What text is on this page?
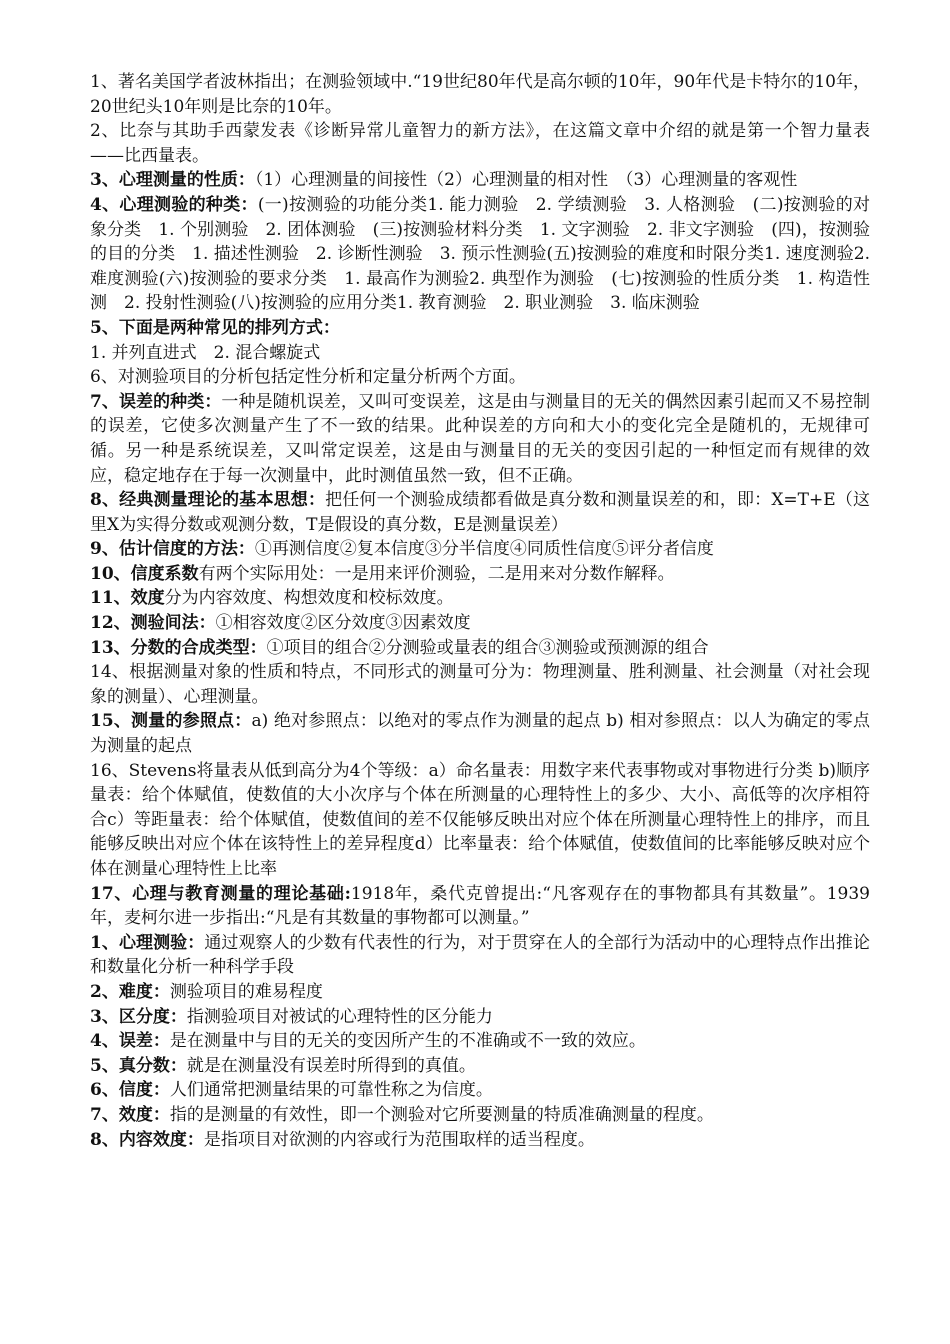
1、著名美国学者波林指出；在测验领域中.“19世纪80年代是高尔顿的10年，90年代是卡特尔的10年，20世纪头10年则是比奈的10年。

2、比奈与其助手西蒙发表《诊断异常儿童智力的新方法》，在这篇文章中介绍的就是第一个智力量表——比西量表。

3、心理测量的性质：（1）心理测量的间接性（2）心理测量的相对性　（3）心理测量的客观性

4、心理测验的种类：(一)按测验的功能分类1. 能力测验　2. 学绩测验　3. 人格测验　(二)按测验的对象分类　1. 个别测验　2. 团体测验　(三)按测验材料分类　1. 文字测验　2. 非文字测验　(四)，按测验的目的分类　1. 描述性测验　2. 诊断性测验　3. 预示性测验(五)按测验的难度和时限分类1. 速度测验2. 难度测验(六)按测验的要求分类　1. 最高作为测验2. 典型作为测验　(七)按测验的性质分类　1. 构造性测　2. 投射性测验(八)按测验的应用分类1. 教育测验　2. 职业测验　3. 临床测验

5、下面是两种常见的排列方式：

1. 并列直进式　2. 混合螺旋式

6、对测验项目的分析包括定性分析和定量分析两个方面。

7、误差的种类：一种是随机误差，又叫可变误差，这是由与测量目的无关的偶然因素引起而又不易控制的误差，它使多次测量产生了不一致的结果。此种误差的方向和大小的变化完全是随机的，无规律可循。另一种是系统误差，又叫常定误差，这是由与测量目的无关的变因引起的一种恒定而有规律的效应，稳定地存在于每一次测量中，此时测值虽然一致，但不正确。

8、经典测量理论的基本思想：把任何一个测验成绩都看做是真分数和测量误差的和，即：X=T+E（这里X为实得分数或观测分数，T是假设的真分数，E是测量误差）

9、估计信度的方法：①再测信度②复本信度③分半信度④同质性信度⑤评分者信度

10、信度系数有两个实际用处：一是用来评价测验，二是用来对分数作解释。

11、效度分为内容效度、构想效度和校标效度。

12、测验间法：①相容效度②区分效度③因素效度

13、分数的合成类型：①项目的组合②分测验或量表的组合③测验或预测源的组合

14、根据测量对象的性质和特点，不同形式的测量可分为：物理测量、胜利测量、社会测量（对社会现象的测量）、心理测量。

15、测量的参照点：a) 绝对参照点：以绝对的零点作为测量的起点 b) 相对参照点：以人为确定的零点为测量的起点

16、Stevens将量表从低到高分为4个等级：a）命名量表：用数字来代表事物或对事物进行分类 b)顺序量表：给个体赋值，使数值的大小次序与个体在所测量的心理特性上的多少、大小、高低等的次序相符合c）等距量表：给个体赋值，使数值间的差不仅能够反映出对应个体在所测量心理特性上的排序，而且能够反映出对应个体在该特性上的差异程度d）比率量表：给个体赋值，使数值间的比率能够反映对应个体在测量心理特性上比率

17、心理与教育测量的理论基础:1918年，桑代克曾提出:“凡客观存在的事物都具有其数量”。1939年，麦柯尔进一步指出:“凡是有其数量的事物都可以测量。”

1、心理测验：通过观察人的少数有代表性的行为，对于贯穿在人的全部行为活动中的心理特点作出推论和数量化分析一种科学手段

2、难度：测验项目的难易程度

3、区分度：指测验项目对被试的心理特性的区分能力

4、误差：是在测量中与目的无关的变因所产生的不准确或不一致的效应。

5、真分数：就是在测量没有误差时所得到的真值。

6、信度：人们通常把测量结果的可靠性称之为信度。

7、效度：指的是测量的有效性，即一个测验对它所要测量的特质准确测量的程度。

8、内容效度：是指项目对欲测的内容或行为范围取样的适当程度。
